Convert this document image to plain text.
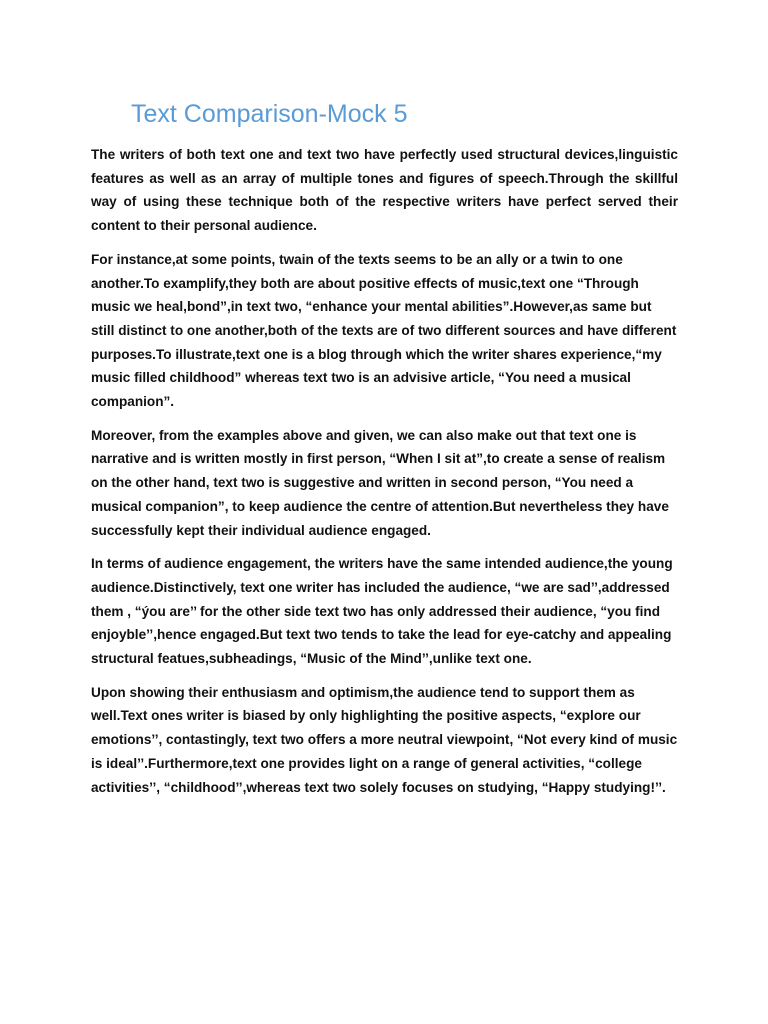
Text Comparison-Mock 5

The writers of both text one and text two have perfectly used structural devices,linguistic features as well as an array of multiple tones and figures of speech.Through the skillful way of using these technique both of the respective writers have perfect served their content to their personal audience.

For instance,at some points, twain of the texts seems to be an ally or a twin to one another.To examplify,they both are about positive effects of music,text one “Through music we heal,bond”,in text two, “enhance your mental abilities”.However,as same but still distinct to one another,both of the texts are of two different sources and have different purposes.To illustrate,text one is a blog through which the writer shares experience,“my music filled childhood” whereas text two is an advisive article, “You need a musical companion”.

Moreover, from the examples above and given, we can also make out that text one is narrative and is written mostly in first person, “When I sit at”,to create a sense of realism on the other hand, text two is suggestive and written in second person, “You need a musical companion”, to keep audience the centre of attention.But nevertheless they have successfully kept their individual audience engaged.

In terms of audience engagement, the writers have the same intended audience,the young audience.Distinctively, text one writer has included the audience, “we are sad’’,addressed them , “ýou are’’ for the other side text two has only addressed their audience, “you find enjoyble’’,hence engaged.But text two tends to take the lead for eye-catchy and appealing structural featues,subheadings, “Music of the Mind’’,unlike text one.

Upon showing their enthusiasm and optimism,the audience tend to support them as well.Text ones writer is biased by only highlighting the positive aspects, “explore our emotions’’, contastingly, text two offers a more neutral viewpoint, “Not every kind of music is ideal’’.Furthermore,text one provides light on a range of general activities, “college activities’’, “childhood’’,whereas text two solely focuses on studying, “Happy studying!’’.
